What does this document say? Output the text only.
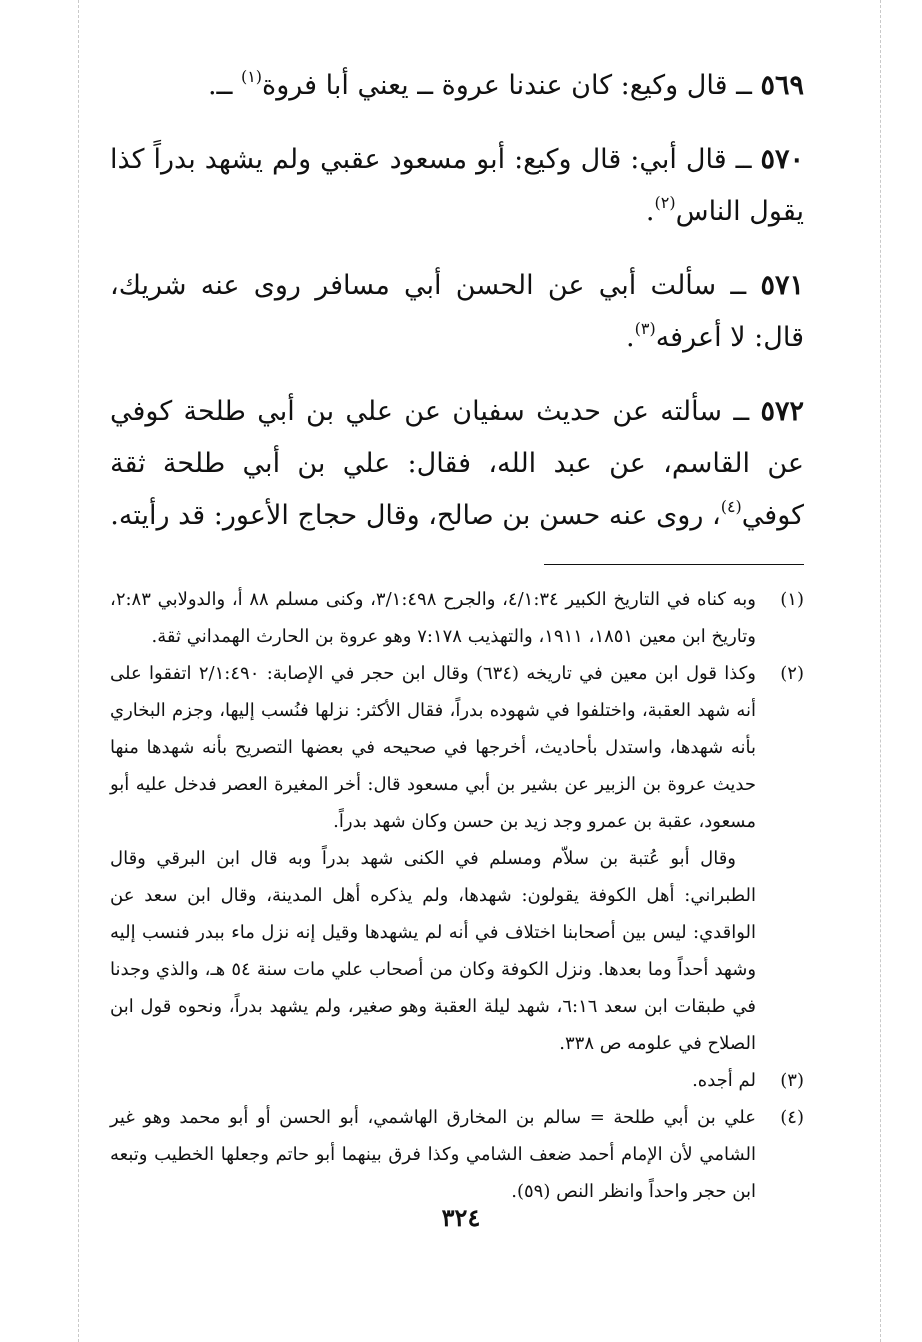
٥٦٩ ــ قال وكيع: كان عندنا عروة ــ يعني أبا فروة$^{(١)}$ ــ.

٥٧٠ ــ قال أبي: قال وكيع: أبو مسعود عقبي ولم يشهد بدراً كذا يقول الناس$^{(٢)}$.

٥٧١ ــ سألت أبي عن الحسن أبي مسافر روى عنه شريك، قال: لا أعرفه$^{(٣)}$.

٥٧٢ ــ سألته عن حديث سفيان عن علي بن أبي طلحة كوفي عن القاسم، عن عبد الله، فقال: علي بن أبي طلحة ثقة كوفي$^{(٤)}$، روى عنه حسن بن صالح، وقال حجاج الأعور: قد رأيته.

(١)

وبه كناه في التاريخ الكبير ٤/١:٣٤، والجرح ٣/١:٤٩٨، وكنى مسلم ٨٨ أ، والدولابي ٢:٨٣، وتاريخ ابن معين ١٨٥١، ١٩١١، والتهذيب ٧:١٧٨ وهو عروة بن الحارث الهمداني ثقة.

(٢)

وكذا قول ابن معين في تاريخه (٦٣٤) وقال ابن حجر في الإصابة: ٢/١:٤٩٠ اتفقوا على أنه شهد العقبة، واختلفوا في شهوده بدراً، فقال الأكثر: نزلها فنُسب إليها، وجزم البخاري بأنه شهدها، واستدل بأحاديث، أخرجها في صحيحه في بعضها التصريح بأنه شهدها منها حديث عروة بن الزبير عن بشير بن أبي مسعود قال: أخر المغيرة العصر فدخل عليه أبو مسعود، عقبة بن عمرو وجد زيد بن حسن وكان شهد بدراً.

وقال أبو عُتبة بن سلاّم ومسلم في الكنى شهد بدراً وبه قال ابن البرقي وقال الطبراني: أهل الكوفة يقولون: شهدها، ولم يذكره أهل المدينة، وقال ابن سعد عن الواقدي: ليس بين أصحابنا اختلاف في أنه لم يشهدها وقيل إنه نزل ماء ببدر فنسب إليه وشهد أحداً وما بعدها. ونزل الكوفة وكان من أصحاب علي مات سنة ٥٤ هـ، والذي وجدنا في طبقات ابن سعد ٦:١٦، شهد ليلة العقبة وهو صغير، ولم يشهد بدراً، ونحوه قول ابن الصلاح في علومه ص ٣٣٨.

(٣)

لم أجده.

(٤)

علي بن أبي طلحة = سالم بن المخارق الهاشمي، أبو الحسن أو أبو محمد وهو غير الشامي لأن الإمام أحمد ضعف الشامي وكذا فرق بينهما أبو حاتم وجعلها الخطيب وتبعه ابن حجر واحداً وانظر النص (٥٩).

٣٢٤
